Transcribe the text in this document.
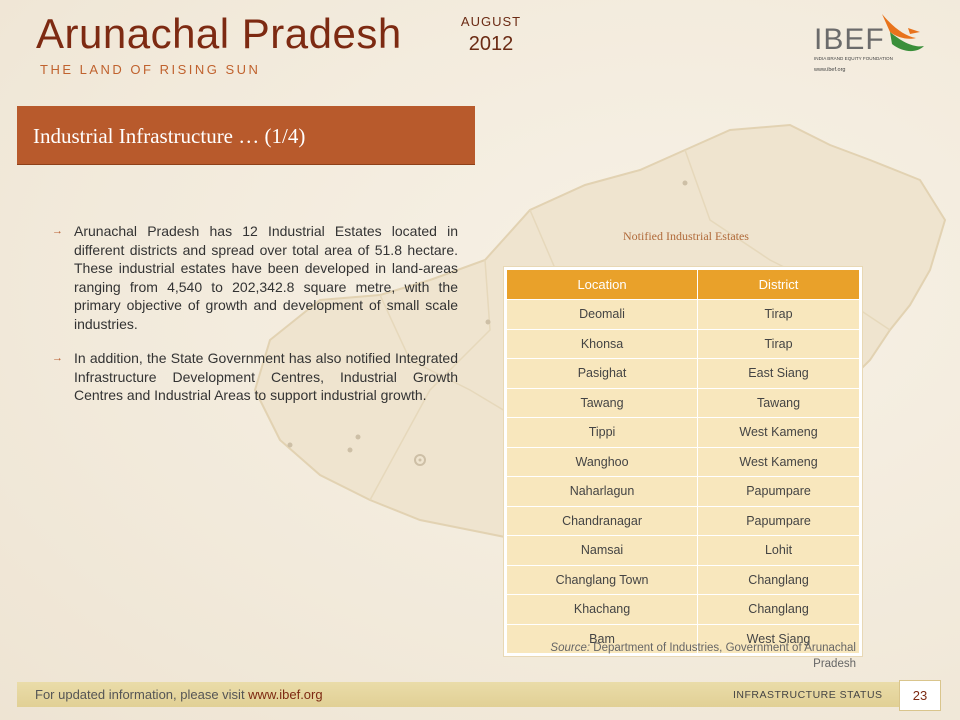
Arunachal Pradesh
THE LAND OF RISING SUN
AUGUST
2012	IBEF
INDIA BRAND EQUITY FOUNDATION
www.ibef.org
Industrial Infrastructure … (1/4)
→ Arunachal Pradesh has 12 Industrial Estates located in different districts and spread over total area of 51.8 hectare. These industrial estates have been developed in land-areas ranging from 4,540 to 202,342.8 square metre, with the primary objective of growth and development of small scale industries.
→ In addition, the State Government has also notified Integrated Infrastructure Development Centres, Industrial Growth Centres and Industrial Areas to support industrial growth.
Notified Industrial Estates
Location	District
Deomali	Tirap
Khonsa	Tirap
Pasighat	East Siang
Tawang	Tawang
Tippi	West Kameng
Wanghoo	West Kameng
Naharlagun	Papumpare
Chandranagar	Papumpare
Namsai	Lohit
Changlang Town	Changlang
Khachang	Changlang
Bam	West Siang
Source: Department of Industries, Government of Arunachal Pradesh
For updated information, please visit www.ibef.org	INFRASTRUCTURE STATUS	23
